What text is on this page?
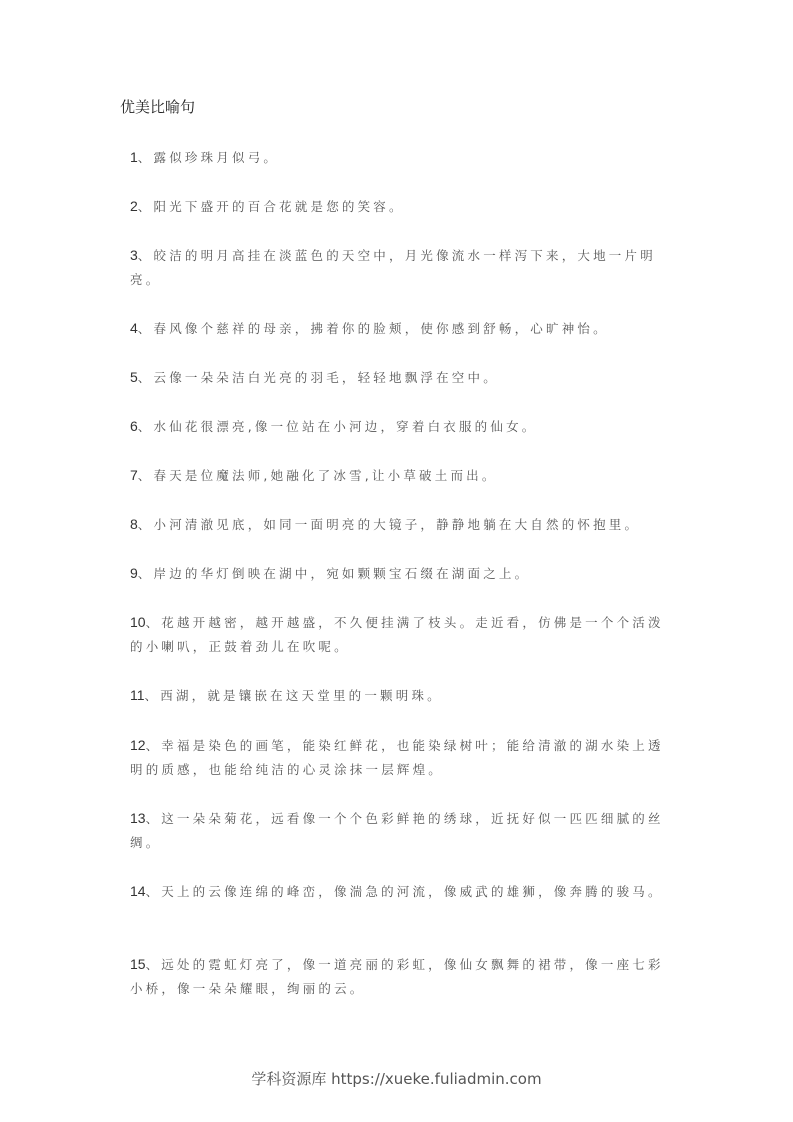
优美比喻句
1、露似珍珠月似弓。
2、阳光下盛开的百合花就是您的笑容。
3、皎洁的明月高挂在淡蓝色的天空中，月光像流水一样泻下来，大地一片明亮。
4、春风像个慈祥的母亲，拂着你的脸颊，使你感到舒畅，心旷神怡。
5、云像一朵朵洁白光亮的羽毛，轻轻地飘浮在空中。
6、水仙花很漂亮,像一位站在小河边，穿着白衣服的仙女。
7、春天是位魔法师,她融化了冰雪,让小草破土而出。
8、小河清澈见底，如同一面明亮的大镜子，静静地躺在大自然的怀抱里。
9、岸边的华灯倒映在湖中，宛如颗颗宝石缀在湖面之上。
10、花越开越密，越开越盛，不久便挂满了枝头。走近看，仿佛是一个个活泼的小喇叭，正鼓着劲儿在吹呢。
11、西湖，就是镶嵌在这天堂里的一颗明珠。
12、幸福是染色的画笔，能染红鲜花，也能染绿树叶；能给清澈的湖水染上透明的质感，也能给纯洁的心灵涂抹一层辉煌。
13、这一朵朵菊花，远看像一个个色彩鲜艳的绣球，近抚好似一匹匹细腻的丝绸。
14、天上的云像连绵的峰峦，像湍急的河流，像威武的雄狮，像奔腾的骏马。
15、远处的霓虹灯亮了，像一道亮丽的彩虹，像仙女飘舞的裙带，像一座七彩小桥，像一朵朵耀眼，绚丽的云。
学科资源库 https://xueke.fuliadmin.com
